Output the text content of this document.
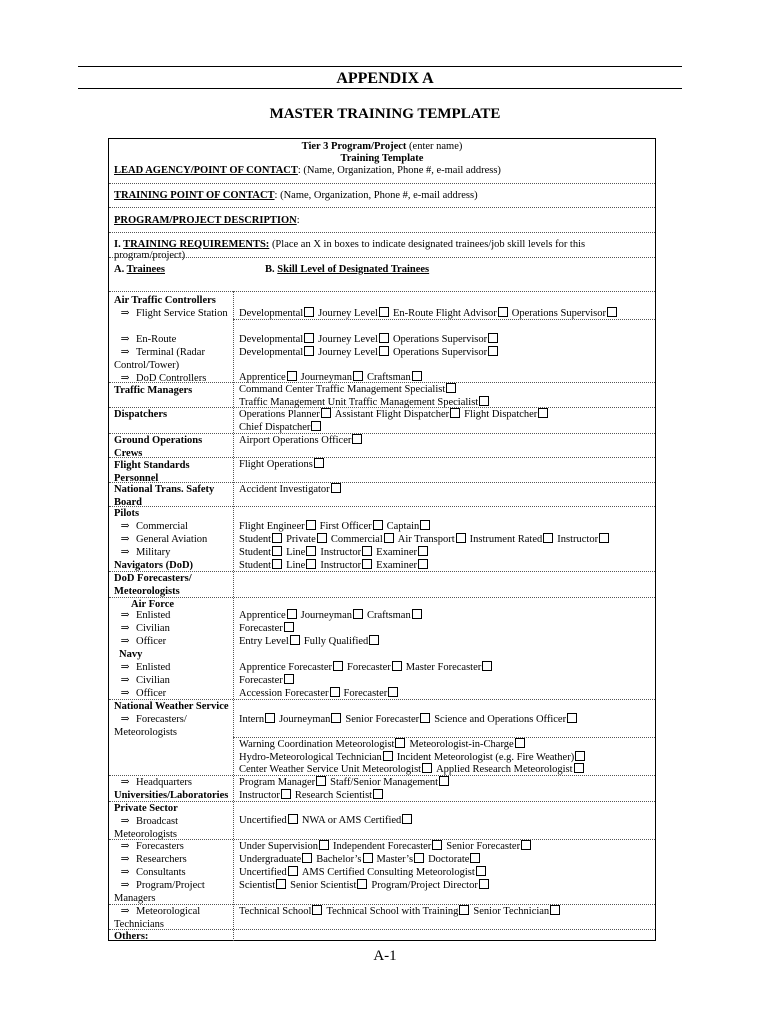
APPENDIX A
MASTER TRAINING TEMPLATE
Tier 3 Program/Project (enter name)
Training Template
LEAD AGENCY/POINT OF CONTACT: (Name, Organization, Phone #, e-mail address)
TRAINING POINT OF CONTACT: (Name, Organization, Phone #, e-mail address)
PROGRAM/PROJECT DESCRIPTION:
I. TRAINING REQUIREMENTS: (Place an X in boxes to indicate designated trainees/job skill levels for this program/project)
A. Trainees	B. Skill Level of Designated Trainees
Air Traffic Controllers
⇒ Flight Service Station
⇒ En-Route
⇒ Terminal (Radar Control/Tower)
⇒ DoD Controllers
Traffic Managers
Dispatchers
Ground Operations Crews
Flight Standards Personnel
National Trans. Safety Board
Pilots
⇒ Commercial
⇒ General Aviation
⇒ Military
Navigators (DoD)
DoD Forecasters/ Meteorologists
Air Force
⇒ Enlisted
⇒ Civilian
⇒ Officer
Navy
⇒ Enlisted
⇒ Civilian
⇒ Officer
National Weather Service
⇒ Forecasters/ Meteorologists
⇒ Headquarters
Universities/Laboratories
Private Sector
⇒ Broadcast Meteorologists
⇒ Forecasters
⇒ Researchers
⇒ Consultants
⇒ Program/Project Managers
⇒ Meteorological Technicians
Others:
Developmental Journey Level En-Route Flight Advisor Operations Supervisor
Developmental Journey Level Operations Supervisor
Developmental Journey Level Operations Supervisor
Apprentice Journeyman Craftsman
Command Center Traffic Management Specialist
Traffic Management Unit Traffic Management Specialist
Operations Planner Assistant Flight Dispatcher Flight Dispatcher
Chief Dispatcher
Airport Operations Officer
Flight Operations
Accident Investigator
Flight Engineer First Officer Captain
Student Private Commercial Air Transport Instrument Rated Instructor
Student Line Instructor Examiner
Student Line Instructor Examiner
Apprentice Journeyman Craftsman
Forecaster
Entry Level Fully Qualified
Apprentice Forecaster Forecaster Master Forecaster
Forecaster
Accession Forecaster Forecaster
Intern Journeyman Senior Forecaster Science and Operations Officer
Warning Coordination Meteorologist Meteorologist-in-Charge
Hydro-Meteorological Technician Incident Meteorologist (e.g. Fire Weather)
Center Weather Service Unit Meteorologist Applied Research Meteorologist
Program Manager Staff/Senior Management
Instructor Research Scientist
Uncertified NWA or AMS Certified
Under Supervision Independent Forecaster Senior Forecaster
Undergraduate Bachelor’s Master’s Doctorate
Uncertified AMS Certified Consulting Meteorologist
Scientist Senior Scientist Program/Project Director
Technical School Technical School with Training Senior Technician
A-1
